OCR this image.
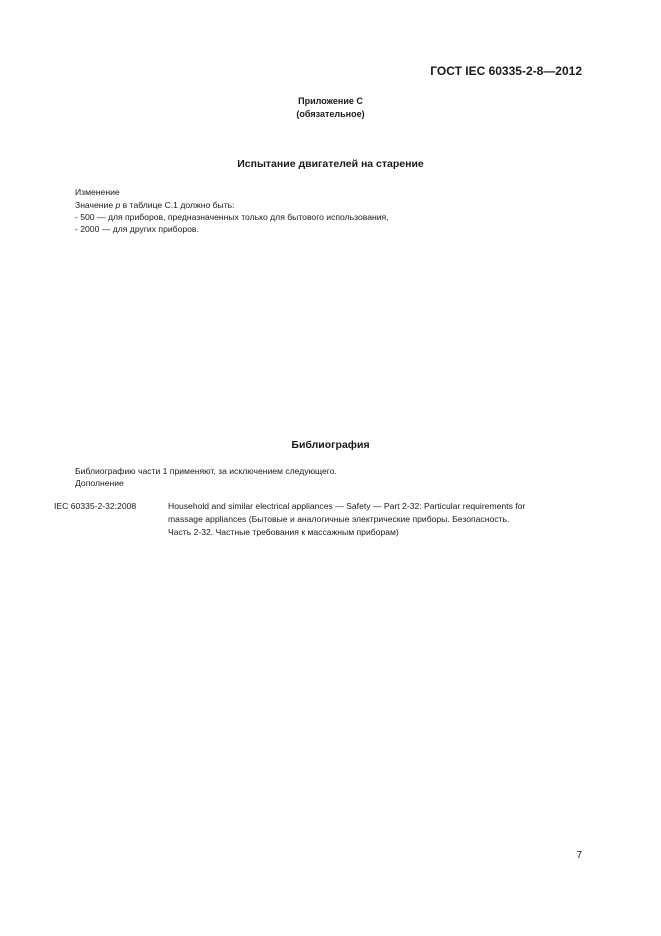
ГОСТ IEC 60335-2-8—2012
Приложение С
(обязательное)
Испытание двигателей на старение
Изменение
Значение p в таблице С.1 должно быть:
- 500 — для приборов, предназначенных только для бытового использования,
- 2000 — для других приборов.
Библиография
Библиографию части 1 применяют, за исключением следующего.
Дополнение
IEC 60335-2-32:2008	Household and similar electrical appliances — Safety — Part 2-32: Particular requirements for
massage appliances (Бытовые и аналогичные электрические приборы. Безопасность.
Часть 2-32. Частные требования к массажным приборам)
7
